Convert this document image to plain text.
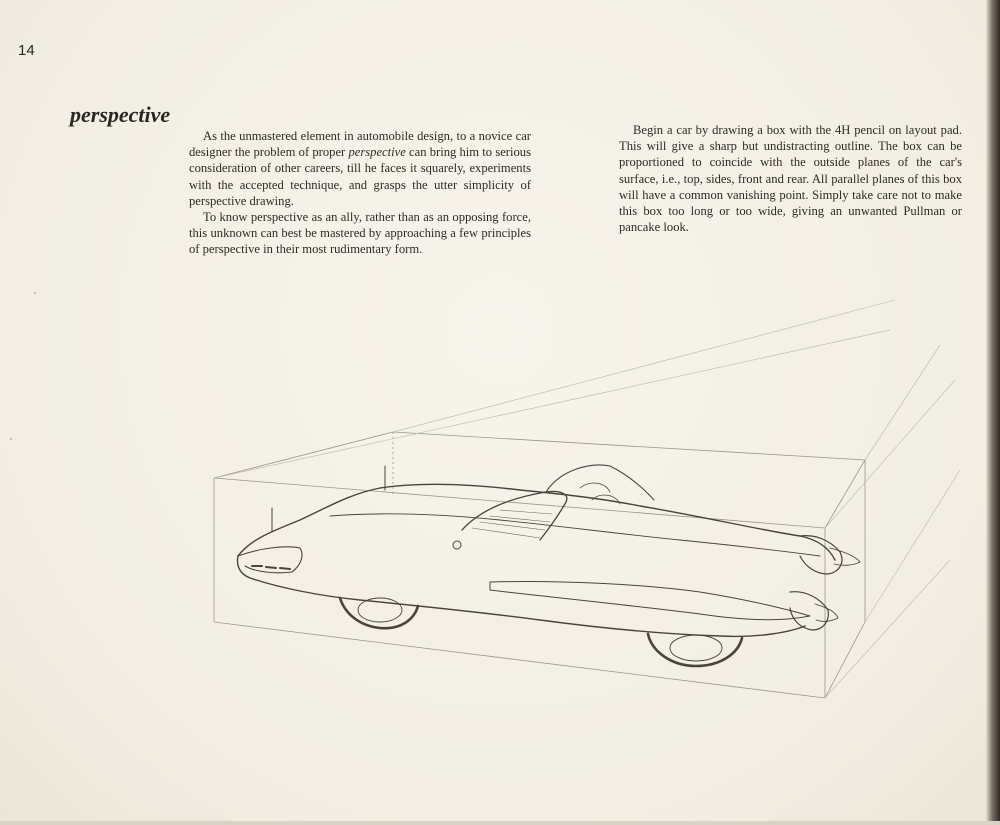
14
perspective

As the unmastered element in automobile design, to a novice car designer the problem of proper perspective can bring him to serious consideration of other careers, till he faces it squarely, experiments with the accepted technique, and grasps the utter simplicity of perspective drawing.

To know perspective as an ally, rather than as an opposing force, this unknown can best be mastered by approaching a few principles of perspective in their most rudimentary form.

Begin a car by drawing a box with the 4H pencil on layout pad. This will give a sharp but undistracting outline. The box can be proportioned to coincide with the outside planes of the car's surface, i.e., top, sides, front and rear. All parallel planes of this box will have a common vanishing point. Simply take care not to make this box too long or too wide, giving an unwanted Pullman or pancake look.
